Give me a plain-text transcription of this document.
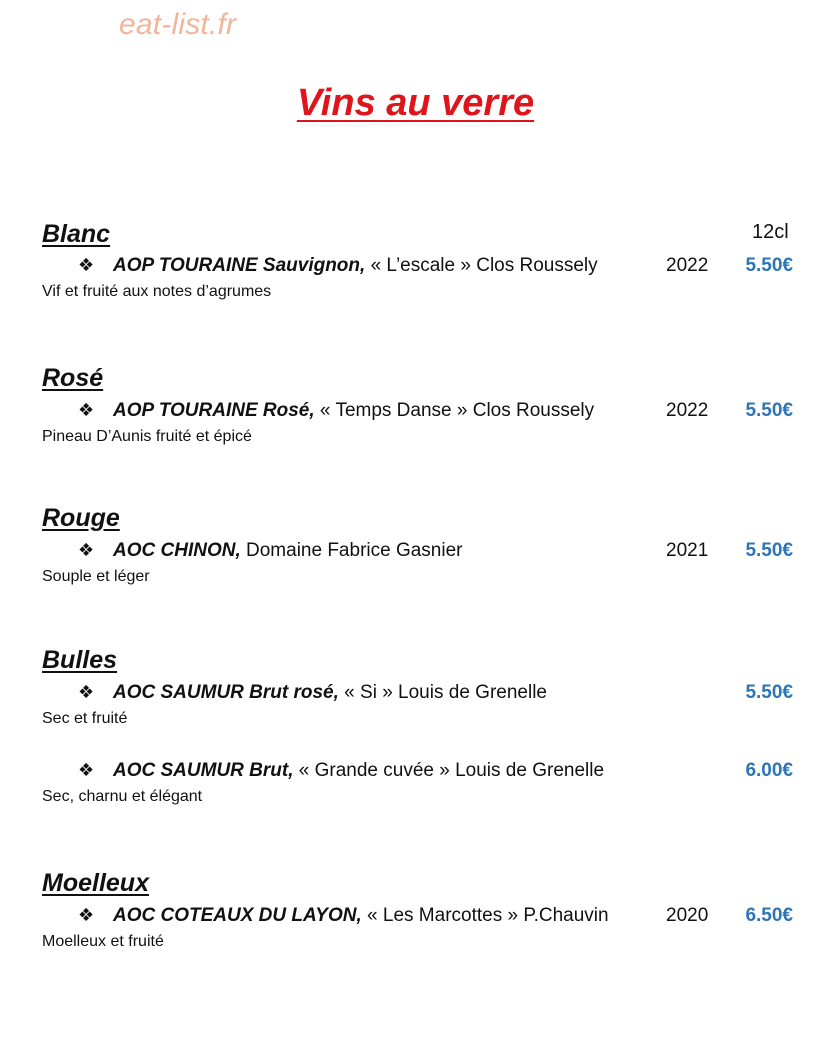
eat-list.fr
Vins au verre
12cl
Blanc
❖ AOP TOURAINE Sauvignon, « L’escale » Clos Roussely	2022 5.50€
Vif et fruité aux notes d’agrumes
Rosé
❖ AOP TOURAINE Rosé, « Temps Danse » Clos Roussely	2022 5.50€
Pineau D’Aunis fruité et épicé
Rouge
❖ AOC CHINON, Domaine Fabrice Gasnier	2021 5.50€
Souple et léger
Bulles
❖ AOC SAUMUR Brut rosé, « Si » Louis de Grenelle	5.50€
Sec et fruité
❖ AOC SAUMUR Brut, « Grande cuvée » Louis de Grenelle	6.00€
Sec, charnu et élégant
Moelleux
❖ AOC COTEAUX DU LAYON, « Les Marcottes » P.Chauvin	2020 6.50€
Moelleux et fruité
